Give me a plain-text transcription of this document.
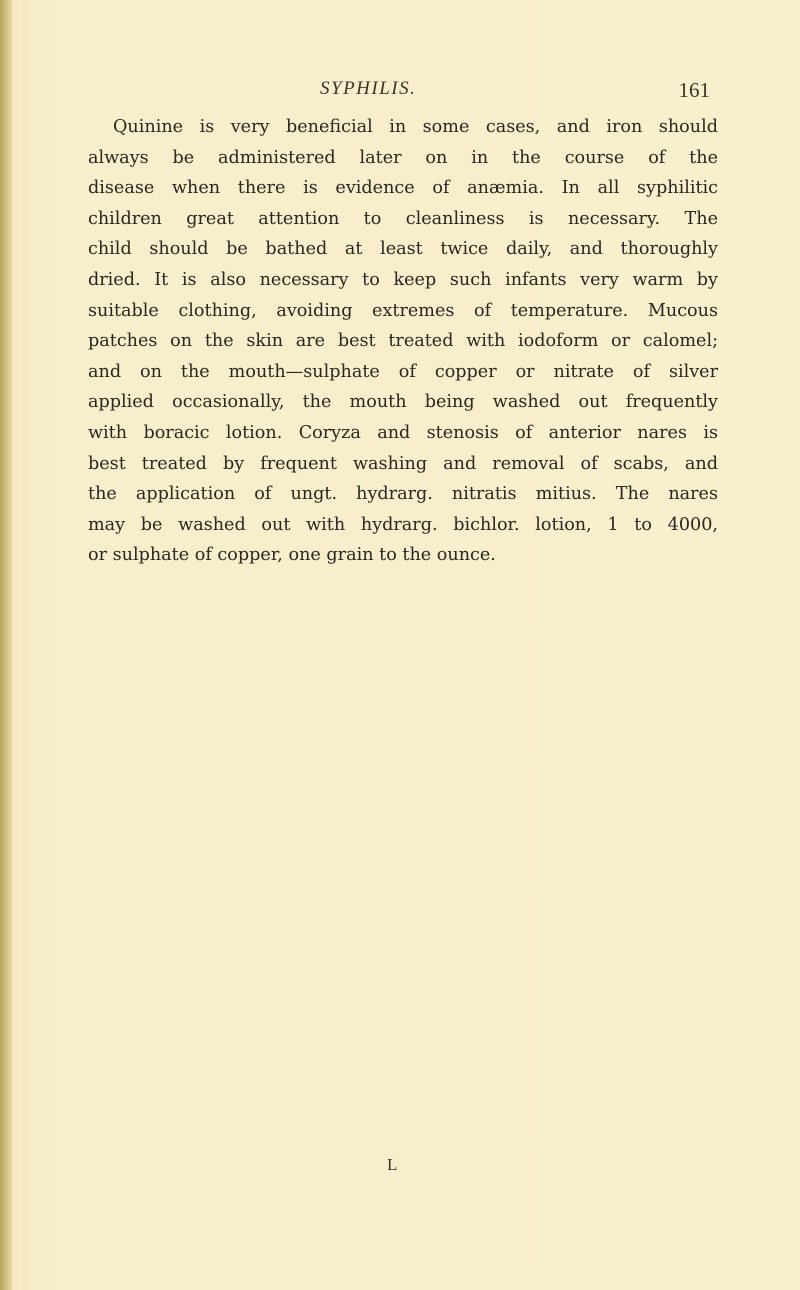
SYPHILIS.	161
Quinine is very beneficial in some cases, and iron should
always be administered later on in the course of the
disease when there is evidence of anæmia. In all syphilitic
children great attention to cleanliness is necessary. The
child should be bathed at least twice daily, and thoroughly
dried. It is also necessary to keep such infants very warm by
suitable clothing, avoiding extremes of temperature. Mucous
patches on the skin are best treated with iodoform or calomel;
and on the mouth—sulphate of copper or nitrate of silver
applied occasionally, the mouth being washed out frequently
with boracic lotion. Coryza and stenosis of anterior nares is
best treated by frequent washing and removal of scabs, and
the application of ungt. hydrarg. nitratis mitius. The nares
may be washed out with hydrarg. bichlor. lotion, 1 to 4000,
or sulphate of copper, one grain to the ounce.
L
